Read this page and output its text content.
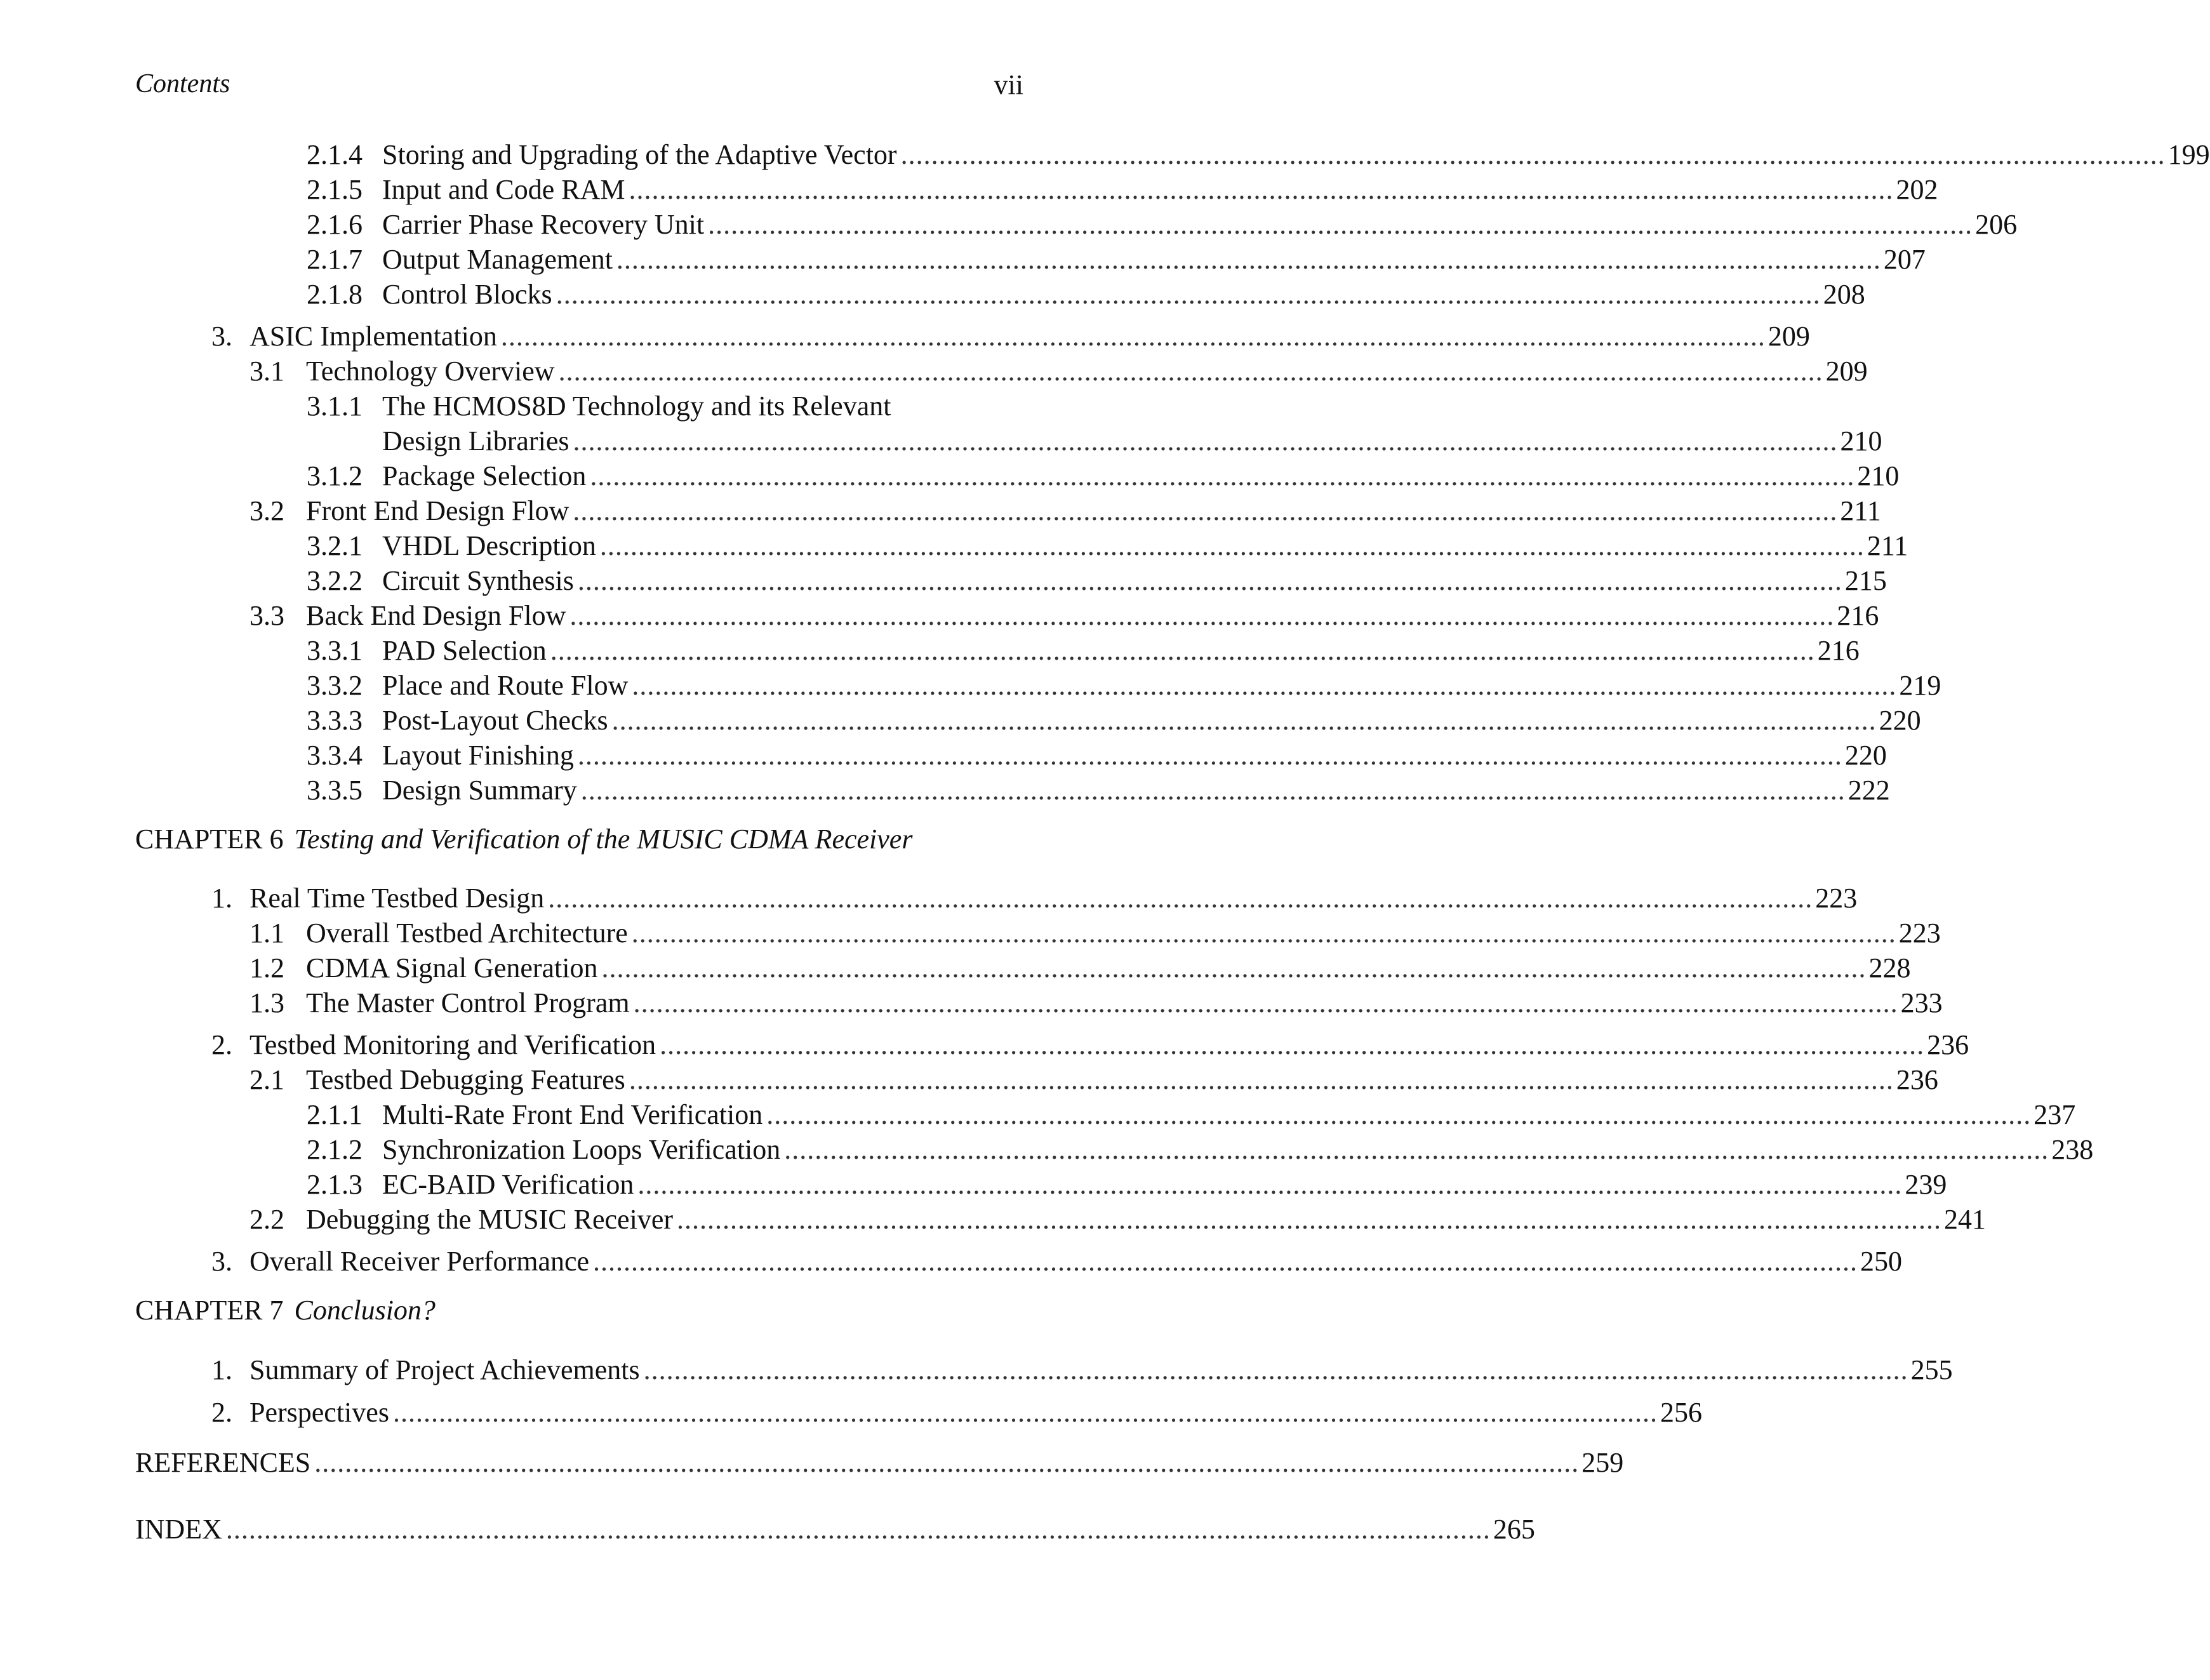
Contents	vii
2.1.4 Storing and Upgrading of the Adaptive Vector ...................................................................................................................................................................... 199
2.1.5 Input and Code RAM ...................................................................................................................................................................... 202
2.1.6 Carrier Phase Recovery Unit ...................................................................................................................................................................... 206
2.1.7 Output Management ...................................................................................................................................................................... 207
2.1.8 Control Blocks ...................................................................................................................................................................... 208
3. ASIC Implementation ...................................................................................................................................................................... 209
3.1 Technology Overview ...................................................................................................................................................................... 209
3.1.1 The HCMOS8D Technology and its Relevant
Design Libraries ...................................................................................................................................................................... 210
3.1.2 Package Selection ...................................................................................................................................................................... 210
3.2 Front End Design Flow ...................................................................................................................................................................... 211
3.2.1 VHDL Description ...................................................................................................................................................................... 211
3.2.2 Circuit Synthesis ...................................................................................................................................................................... 215
3.3 Back End Design Flow ...................................................................................................................................................................... 216
3.3.1 PAD Selection ...................................................................................................................................................................... 216
3.3.2 Place and Route Flow ...................................................................................................................................................................... 219
3.3.3 Post-Layout Checks ...................................................................................................................................................................... 220
3.3.4 Layout Finishing ...................................................................................................................................................................... 220
3.3.5 Design Summary ...................................................................................................................................................................... 222
CHAPTER 6 Testing and Verification of the MUSIC CDMA Receiver
1. Real Time Testbed Design ...................................................................................................................................................................... 223
1.1 Overall Testbed Architecture ...................................................................................................................................................................... 223
1.2 CDMA Signal Generation ...................................................................................................................................................................... 228
1.3 The Master Control Program ...................................................................................................................................................................... 233
2. Testbed Monitoring and Verification ...................................................................................................................................................................... 236
2.1 Testbed Debugging Features ...................................................................................................................................................................... 236
2.1.1 Multi-Rate Front End Verification ...................................................................................................................................................................... 237
2.1.2 Synchronization Loops Verification ...................................................................................................................................................................... 238
2.1.3 EC-BAID Verification ...................................................................................................................................................................... 239
2.2 Debugging the MUSIC Receiver ...................................................................................................................................................................... 241
3. Overall Receiver Performance ...................................................................................................................................................................... 250
CHAPTER 7 Conclusion?
1. Summary of Project Achievements ...................................................................................................................................................................... 255
2. Perspectives ...................................................................................................................................................................... 256
REFERENCES ...................................................................................................................................................................... 259
INDEX ...................................................................................................................................................................... 265
